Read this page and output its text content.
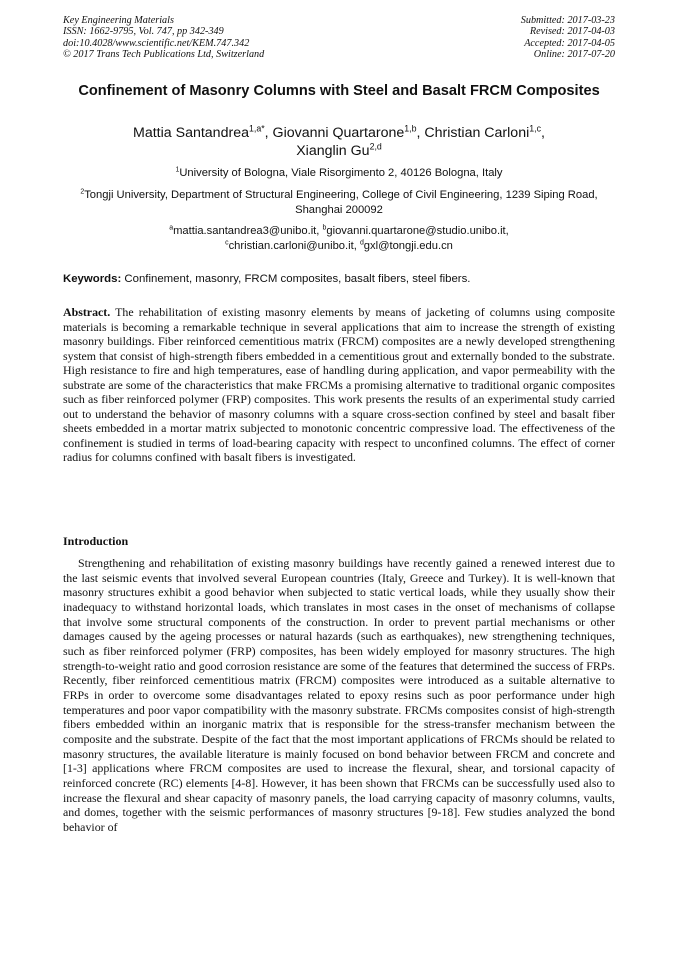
Key Engineering Materials
ISSN: 1662-9795, Vol. 747, pp 342-349
doi:10.4028/www.scientific.net/KEM.747.342
© 2017 Trans Tech Publications Ltd, Switzerland
Submitted: 2017-03-23
Revised: 2017-04-03
Accepted: 2017-04-05
Online: 2017-07-20
Confinement of Masonry Columns with Steel and Basalt FRCM Composites
Mattia Santandrea$^{1,a*}$, Giovanni Quartarone$^{1,b}$, Christian Carloni$^{1,c}$,
Xianglin Gu$^{2,d}$
$^1$University of Bologna, Viale Risorgimento 2, 40126 Bologna, Italy
$^2$Tongji University, Department of Structural Engineering, College of Civil Engineering, 1239 Siping Road, Shanghai 200092
$^a$mattia.santandrea3@unibo.it, $^b$giovanni.quartarone@studio.unibo.it,
$^c$christian.carloni@unibo.it, $^d$gxl@tongji.edu.cn
Keywords: Confinement, masonry, FRCM composites, basalt fibers, steel fibers.
Abstract. The rehabilitation of existing masonry elements by means of jacketing of columns using composite materials is becoming a remarkable technique in several applications that aim to increase the strength of existing masonry buildings. Fiber reinforced cementitious matrix (FRCM) composites are a newly developed strengthening system that consist of high-strength fibers embedded in a cementitious grout and externally bonded to the substrate. High resistance to fire and high temperatures, ease of handling during application, and vapor permeability with the substrate are some of the characteristics that make FRCMs a promising alternative to traditional organic composites such as fiber reinforced polymer (FRP) composites. This work presents the results of an experimental study carried out to understand the behavior of masonry columns with a square cross-section confined by steel and basalt fiber sheets embedded in a mortar matrix subjected to monotonic concentric compressive load. The effectiveness of the confinement is studied in terms of load-bearing capacity with respect to unconfined columns. The effect of corner radius for columns confined with basalt fibers is investigated.
Introduction
Strengthening and rehabilitation of existing masonry buildings have recently gained a renewed interest due to the last seismic events that involved several European countries (Italy, Greece and Turkey). It is well-known that masonry structures exhibit a good behavior when subjected to static vertical loads, while they usually show their inadequacy to withstand horizontal loads, which translates in most cases in the onset of mechanisms of collapse that involve some structural components of the construction. In order to prevent partial mechanisms or other damages caused by the ageing processes or natural hazards (such as earthquakes), new strengthening techniques, such as fiber reinforced polymer (FRP) composites, has been widely employed for masonry structures. The high strength-to-weight ratio and good corrosion resistance are some of the features that determined the success of FRPs. Recently, fiber reinforced cementitious matrix (FRCM) composites were introduced as a suitable alternative to FRPs in order to overcome some disadvantages related to epoxy resins such as poor performance under high temperatures and poor vapor compatibility with the masonry substrate. FRCMs composites consist of high-strength fibers embedded within an inorganic matrix that is responsible for the stress-transfer mechanism between the composite and the substrate. Despite of the fact that the most important applications of FRCMs should be related to masonry structures, the available literature is mainly focused on bond behavior between FRCM and concrete and [1-3] applications where FRCM composites are used to increase the flexural, shear, and torsional capacity of reinforced concrete (RC) elements [4-8]. However, it has been shown that FRCMs can be successfully used also to increase the flexural and shear capacity of masonry panels, the load carrying capacity of masonry columns, vaults, and domes, together with the seismic performances of masonry structures [9-18]. Few studies analyzed the bond behavior of
